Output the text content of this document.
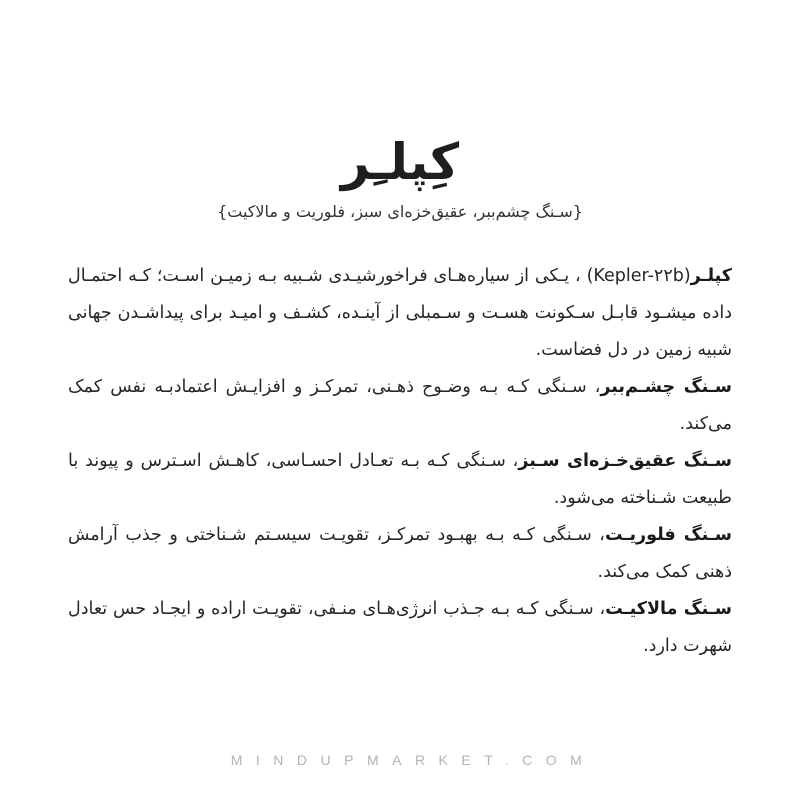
کِپلـِر
{سـنگ چشم‌ببر، عقیق‌خزه‌ای سبز، فلوریت و مالاکیت}

کپلـر (Kepler-۲۲b)، یـکی از سیاره‌هـای فراخورشیـدی شـبیه بـه زمیـن اسـت؛ کـه احتمـال داده میشـود قابـل سـکونت هسـت و سـمبلی از آینـده، کشـف و امیـد برای پیداشـدن جهانی شبیه زمین در دل فضاست.

سـنگ چشـم‌ببر، سـنگی کـه بـه وضـوح ذهـنی، تمرکـز و افزایـش اعتمادبـه نفس کمک می‌کند.

سـنگ عقیق‌خـزه‌ای سـبز، سـنگی کـه بـه تعـادل احسـاسی، کاهـش اسـترس و پیوند با طبیعت شـناخته می‌شود.

سـنگ فلوریـت، سـنگی کـه بـه بهبـود تمرکـز، تقویـت سیسـتم شـناختی و جذب آرامش ذهنی کمک می‌کند.

سـنگ مالاکیـت، سـنگی کـه بـه جـذب انرژی‌هـای منـفی، تقویـت اراده و ایجـاد حس تعادل شهرت دارد.

MINDUPMARKET.COM
